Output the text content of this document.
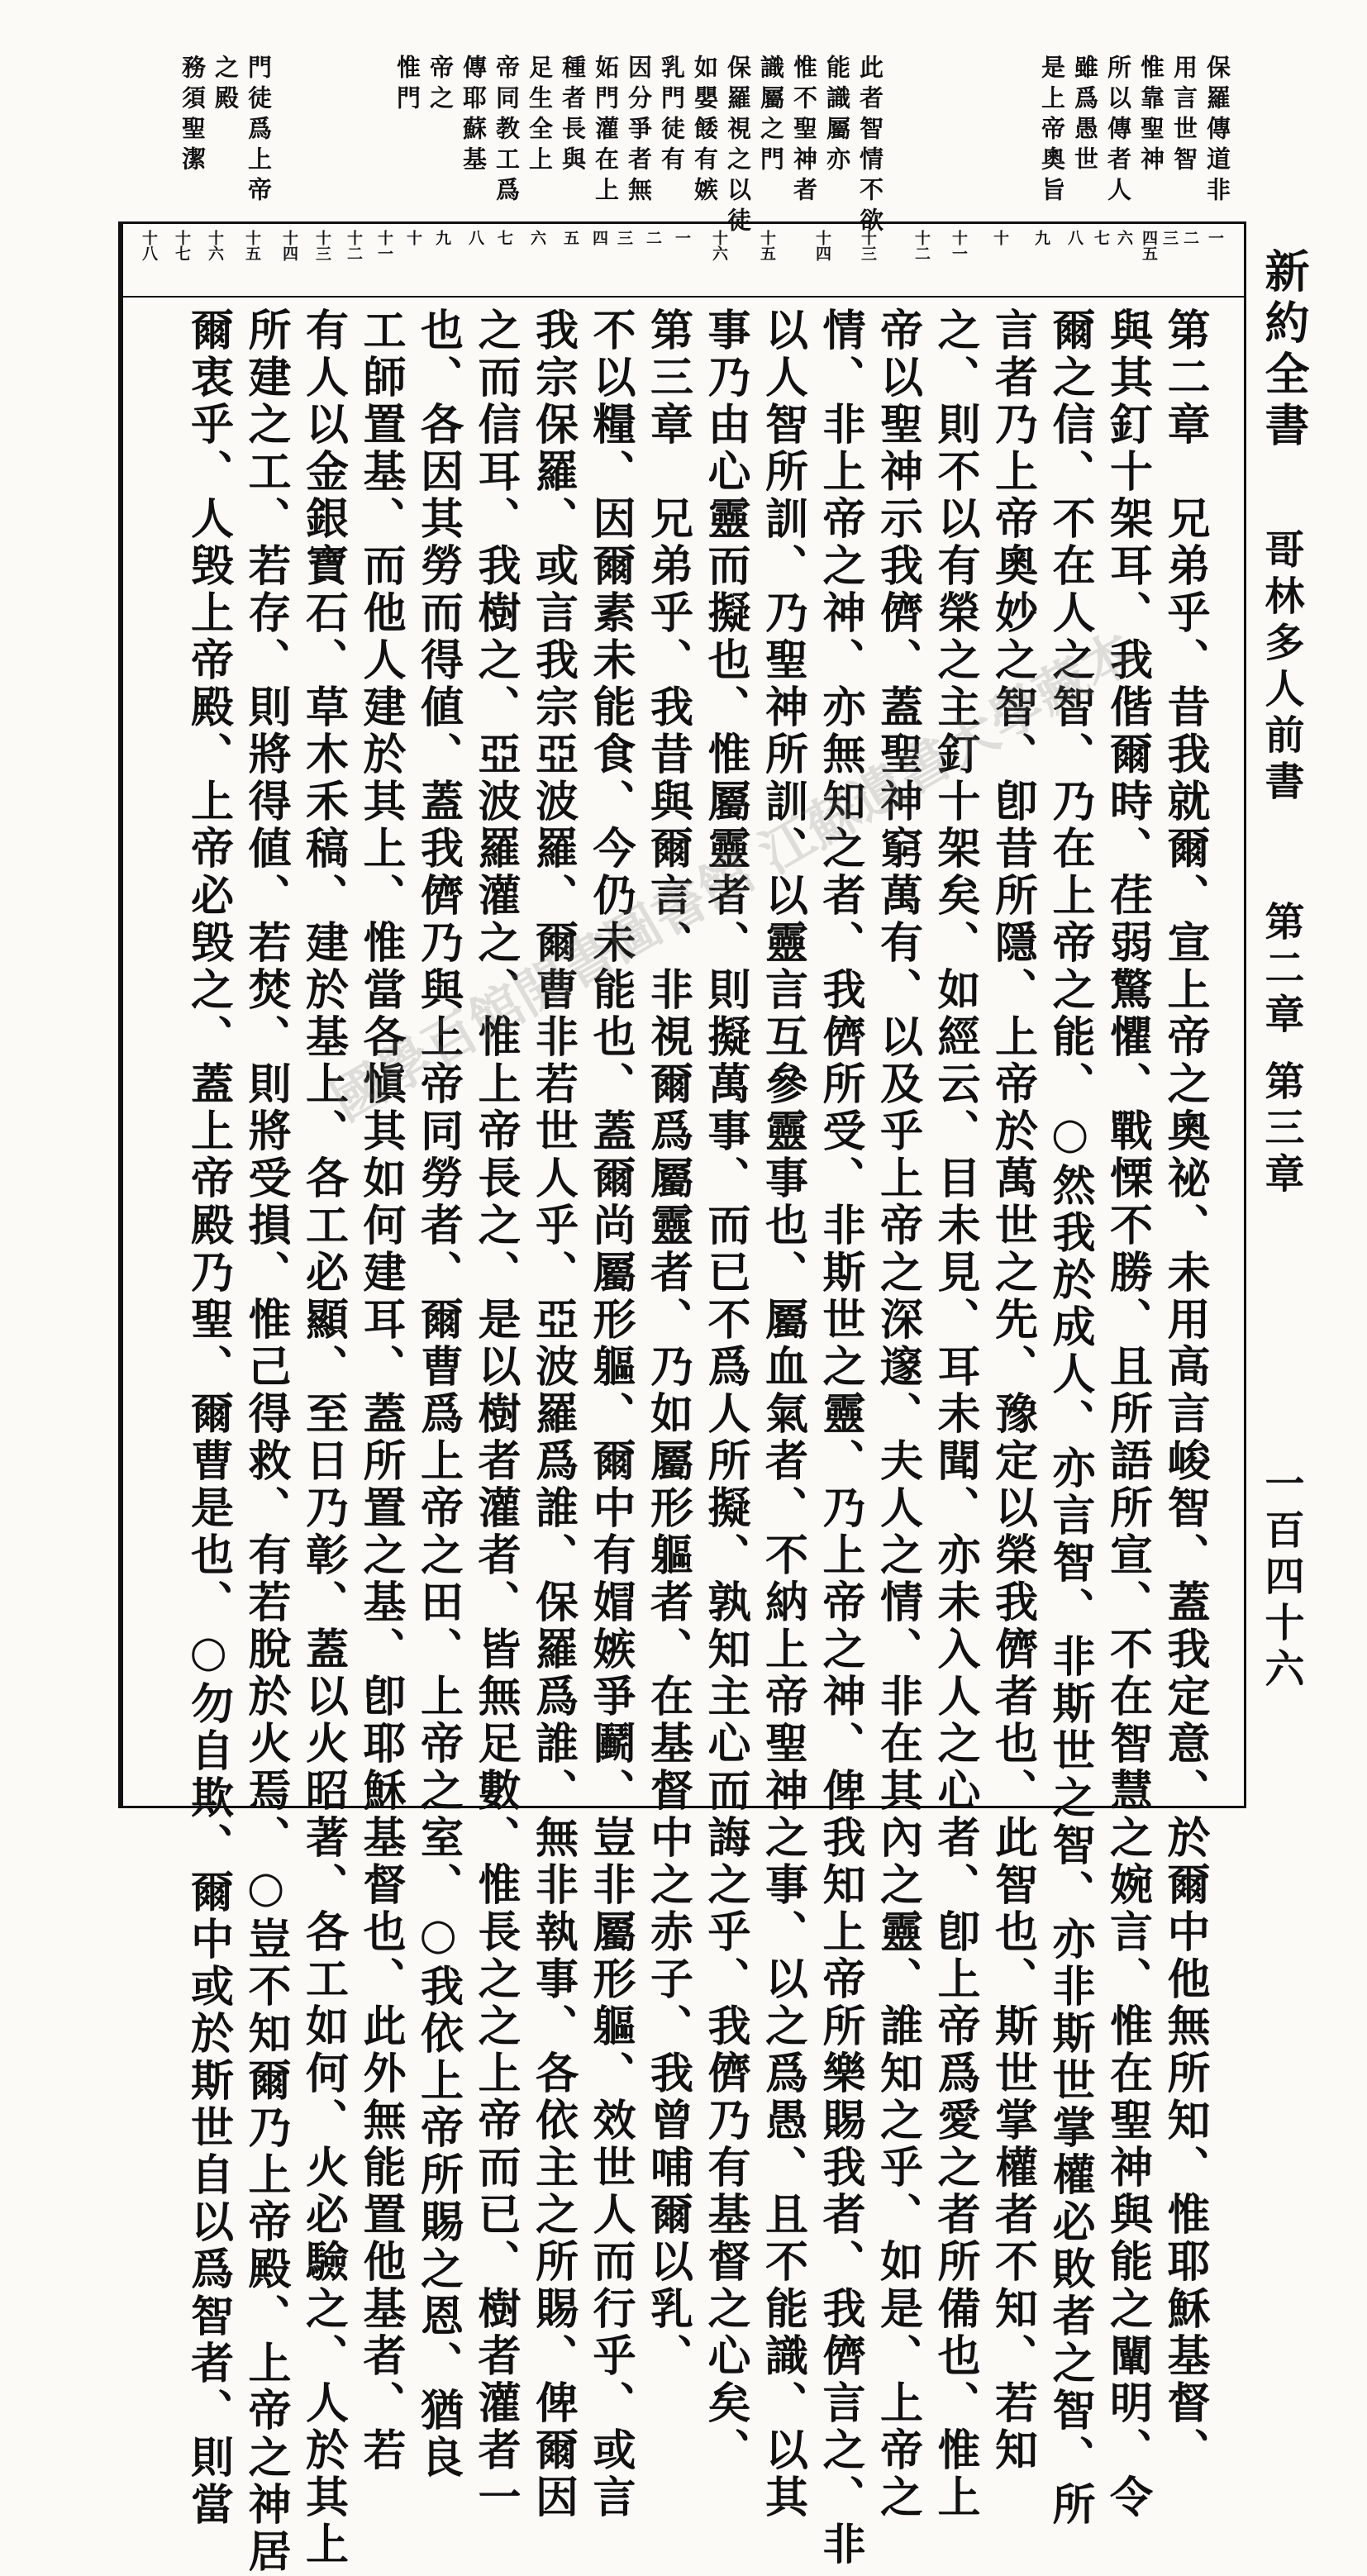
保羅傳道非
用言世智
惟靠聖神
所以傳者人
雖爲愚世
是上帝奧旨
此者智情不欲
能識屬亦
惟不聖神者
識屬之門
保羅視之以徒
如嬰餧有嫉
乳門徒有
因分爭者無
妬門灌在上
種者長與
足生全上
帝同教工爲
傳耶蘇基
帝之
惟門
門徒爲上帝
之殿
務須聖潔
新約全書
哥林多人前書
第二章 第三章
一百四十六
一
二
三
四五
六
七
八
九
十
十一
十二
十三
十四
十五
十六
一
二
三
四
五
六
七
八
九
十
十一
十二
十三
十四
十五
十六
十七
十八
第二章　兄弟乎、昔我就爾、宣上帝之奧祕、未用高言峻智、蓋我定意、於爾中他無所知、惟耶穌基督、
與其釘十架耳、我偕爾時、荏弱驚懼、戰慄不勝、且所語所宣、不在智慧之婉言、惟在聖神與能之闡明、令
爾之信、不在人之智、乃在上帝之能、○然我於成人、亦言智、非斯世之智、亦非斯世掌權必敗者之智、所
言者乃上帝奧妙之智、卽昔所隱、上帝於萬世之先、豫定以榮我儕者也、此智也、斯世掌權者不知、若知
之、則不以有榮之主釘十架矣、如經云、目未見、耳未聞、亦未入人之心者、卽上帝爲愛之者所備也、惟上
帝以聖神示我儕、蓋聖神窮萬有、以及乎上帝之深邃、夫人之情、非在其內之靈、誰知之乎、如是、上帝之
情、非上帝之神、亦無知之者、我儕所受、非斯世之靈、乃上帝之神、俾我知上帝所樂賜我者、我儕言之、非
以人智所訓、乃聖神所訓、以靈言互參靈事也、屬血氣者、不納上帝聖神之事、以之爲愚、且不能識、以其
事乃由心靈而擬也、惟屬靈者、則擬萬事、而已不爲人所擬、孰知主心而誨之乎、我儕乃有基督之心矣、
第三章　兄弟乎、我昔與爾言、非視爾爲屬靈者、乃如屬形軀者、在基督中之赤子、我曾哺爾以乳、
不以糧、因爾素未能食、今仍未能也、蓋爾尚屬形軀、爾中有媢嫉爭鬬、豈非屬形軀、效世人而行乎、或言
我宗保羅、或言我宗亞波羅、爾曹非若世人乎、亞波羅爲誰、保羅爲誰、無非執事、各依主之所賜、俾爾因
之而信耳、我樹之、亞波羅灌之、惟上帝長之、是以樹者灌者、皆無足數、惟長之之上帝而已、樹者灌者一
也、各因其勞而得値、蓋我儕乃與上帝同勞者、爾曹爲上帝之田、上帝之室、○我依上帝所賜之恩、猶良
工師置基、而他人建於其上、惟當各愼其如何建耳、蓋所置之基、卽耶穌基督也、此外無能置他基者、若
有人以金銀寶石、草木禾稿、建於基上、各工必顯、至日乃彰、蓋以火昭著、各工如何、火必驗之、人於其上
所建之工、若存、則將得値、若焚、則將受損、惟己得救、有若脫於火焉、○豈不知爾乃上帝殿、上帝之神居
爾衷乎、人毁上帝殿、上帝必毁之、蓋上帝殿乃聖、爾曹是也、○勿自欺、爾中或於斯世自以爲智者、則當 國學百館開書圖書館 江蘇遺書大學藏本
